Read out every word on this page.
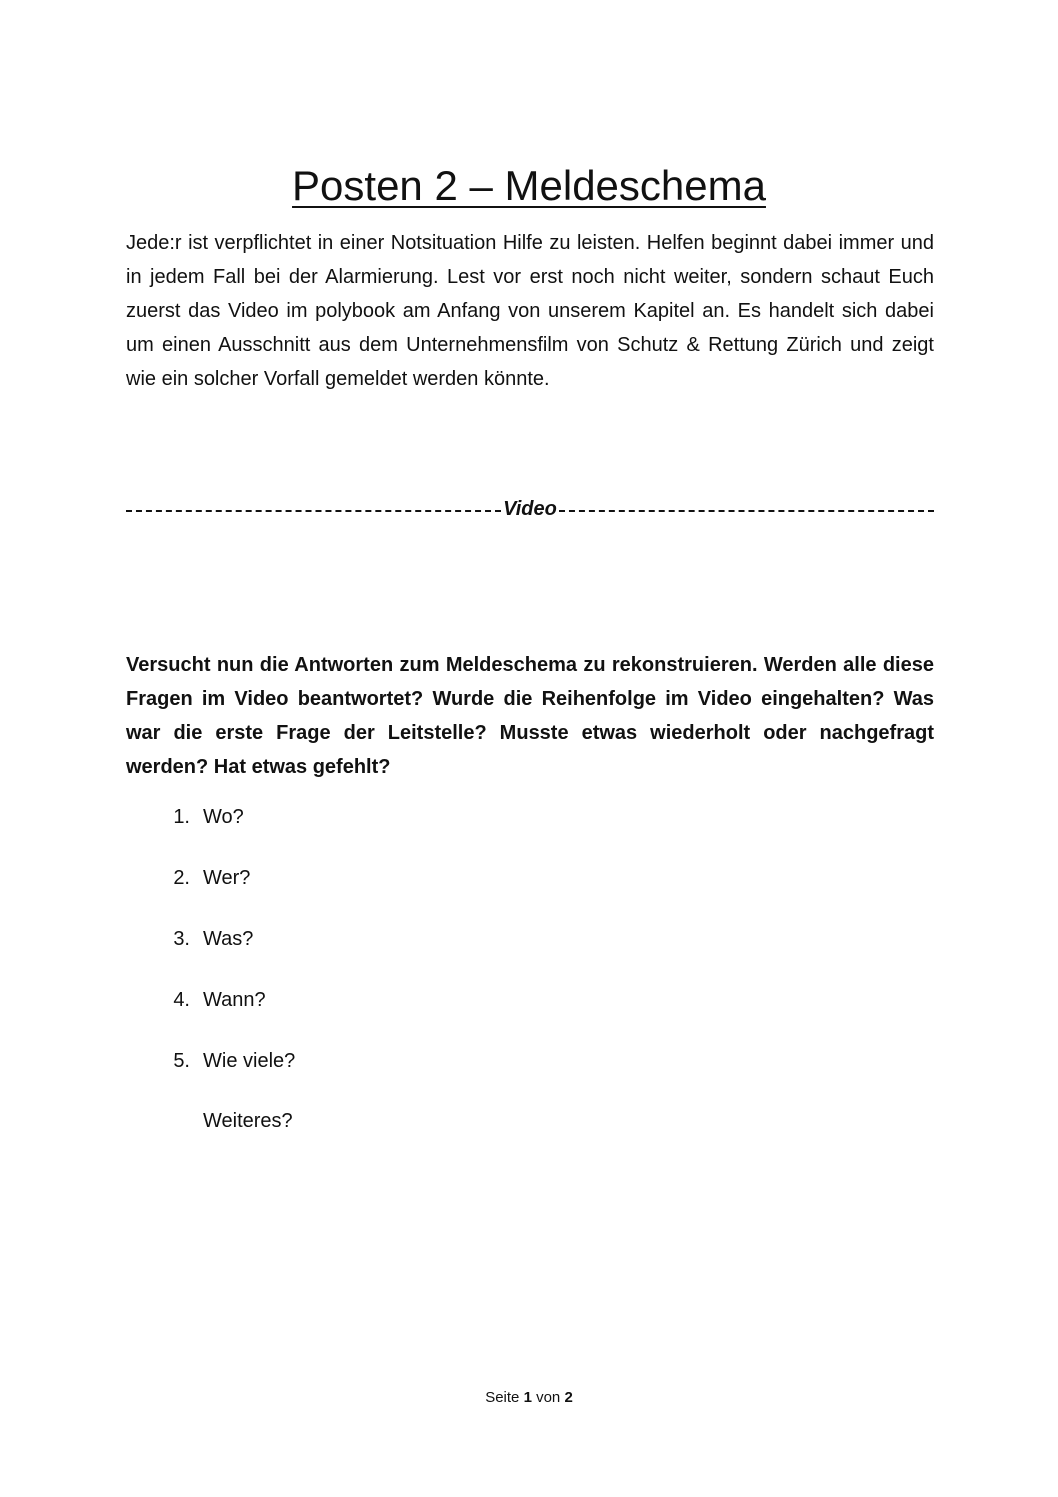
Posten 2 – Meldeschema

Jede:r ist verpflichtet in einer Notsituation Hilfe zu leisten. Helfen beginnt dabei immer und in jedem Fall bei der Alarmierung. Lest vor erst noch nicht weiter, sondern schaut Euch zuerst das Video im polybook am Anfang von unserem Kapitel an. Es handelt sich dabei um einen Ausschnitt aus dem Unternehmensfilm von Schutz & Rettung Zürich und zeigt wie ein solcher Vorfall gemeldet werden könnte.

Video

Versucht nun die Antworten zum Meldeschema zu rekonstruieren. Werden alle diese Fragen im Video beantwortet? Wurde die Reihenfolge im Video eingehalten? Was war die erste Frage der Leitstelle? Musste etwas wiederholt oder nachgefragt werden? Hat etwas gefehlt?

1. Wo?
2. Wer?
3. Was?
4. Wann?
5. Wie viele?
Weiteres?
Seite 1 von 2
